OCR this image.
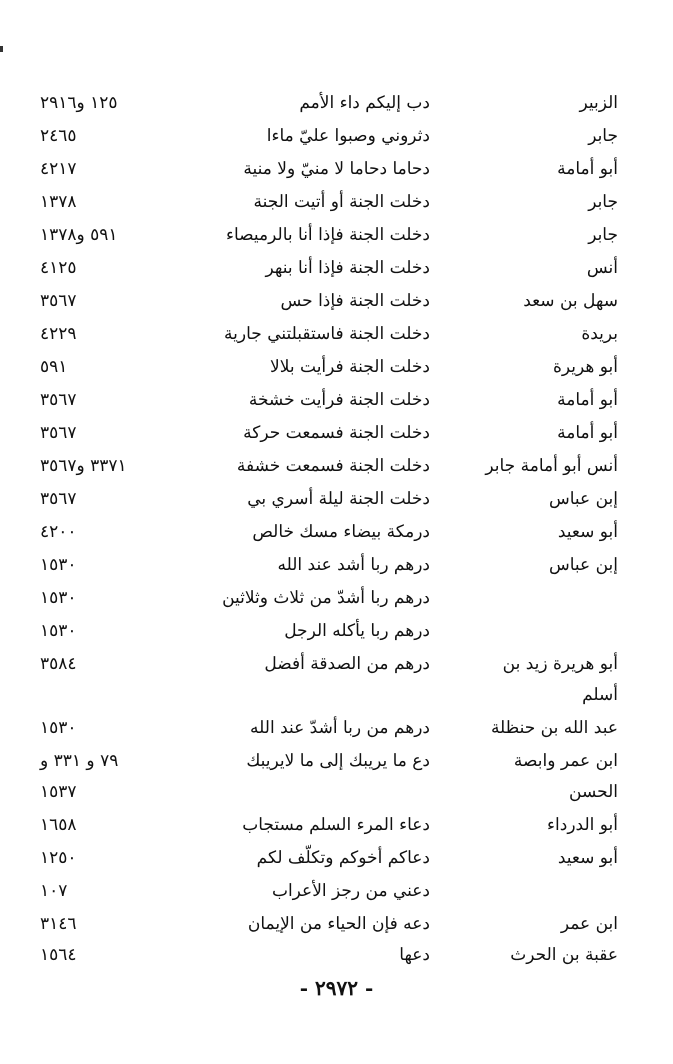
الزبير
دب إليكم داء الأمم
١٢٥ و٢٩١٦
جابر
دثروني وصبوا عليّ ماءا
٢٤٦٥
أبو أمامة
دحاما دحاما لا منيّ ولا منية
٤٢١٧
جابر
دخلت الجنة أو أتيت الجنة
١٣٧٨
جابر
دخلت الجنة فإذا أنا بالرميصاء
٥٩١ و١٣٧٨
أنس
دخلت الجنة فإذا أنا بنهر
٤١٢٥
سهل بن سعد
دخلت الجنة فإذا حس
٣٥٦٧
بريدة
دخلت الجنة فاستقبلتني جارية
٤٢٢٩
أبو هريرة
دخلت الجنة فرأيت بلالا
٥٩١
أبو أمامة
دخلت الجنة فرأيت خشخة
٣٥٦٧
أبو أمامة
دخلت الجنة فسمعت حركة
٣٥٦٧
أنس أبو أمامة جابر
دخلت الجنة فسمعت خشفة
٣٣٧١ و٣٥٦٧
إبن عباس
دخلت الجنة ليلة أسري بي
٣٥٦٧
أبو سعيد
درمكة بيضاء مسك خالص
٤٢٠٠
إبن عباس
درهم ربا أشد عند الله
١٥٣٠
درهم ربا أشدّ من ثلاث وثلاثين
١٥٣٠
درهم ربا يأكله الرجل
١٥٣٠
أبو هريرة زيد بن
درهم من الصدقة أفضل
٣٥٨٤
أسلم
عبد الله بن حنظلة
درهم من ربا أشدّ عند الله
١٥٣٠
ابن عمر وابصة
دع ما يريبك إلى ما لايريبك
٧٩ و ٣٣١ و
الحسن
١٥٣٧
أبو الدرداء
دعاء المرء السلم مستجاب
١٦٥٨
أبو سعيد
دعاكم أخوكم وتكلّف لكم
١٢٥٠
دعني من رجز الأعراب
١٠٧
ابن عمر
دعه فإن الحياء من الإيمان
٣١٤٦
عقبة بن الحرث
دعها
١٥٦٤
- ٢٩٧٢ -
